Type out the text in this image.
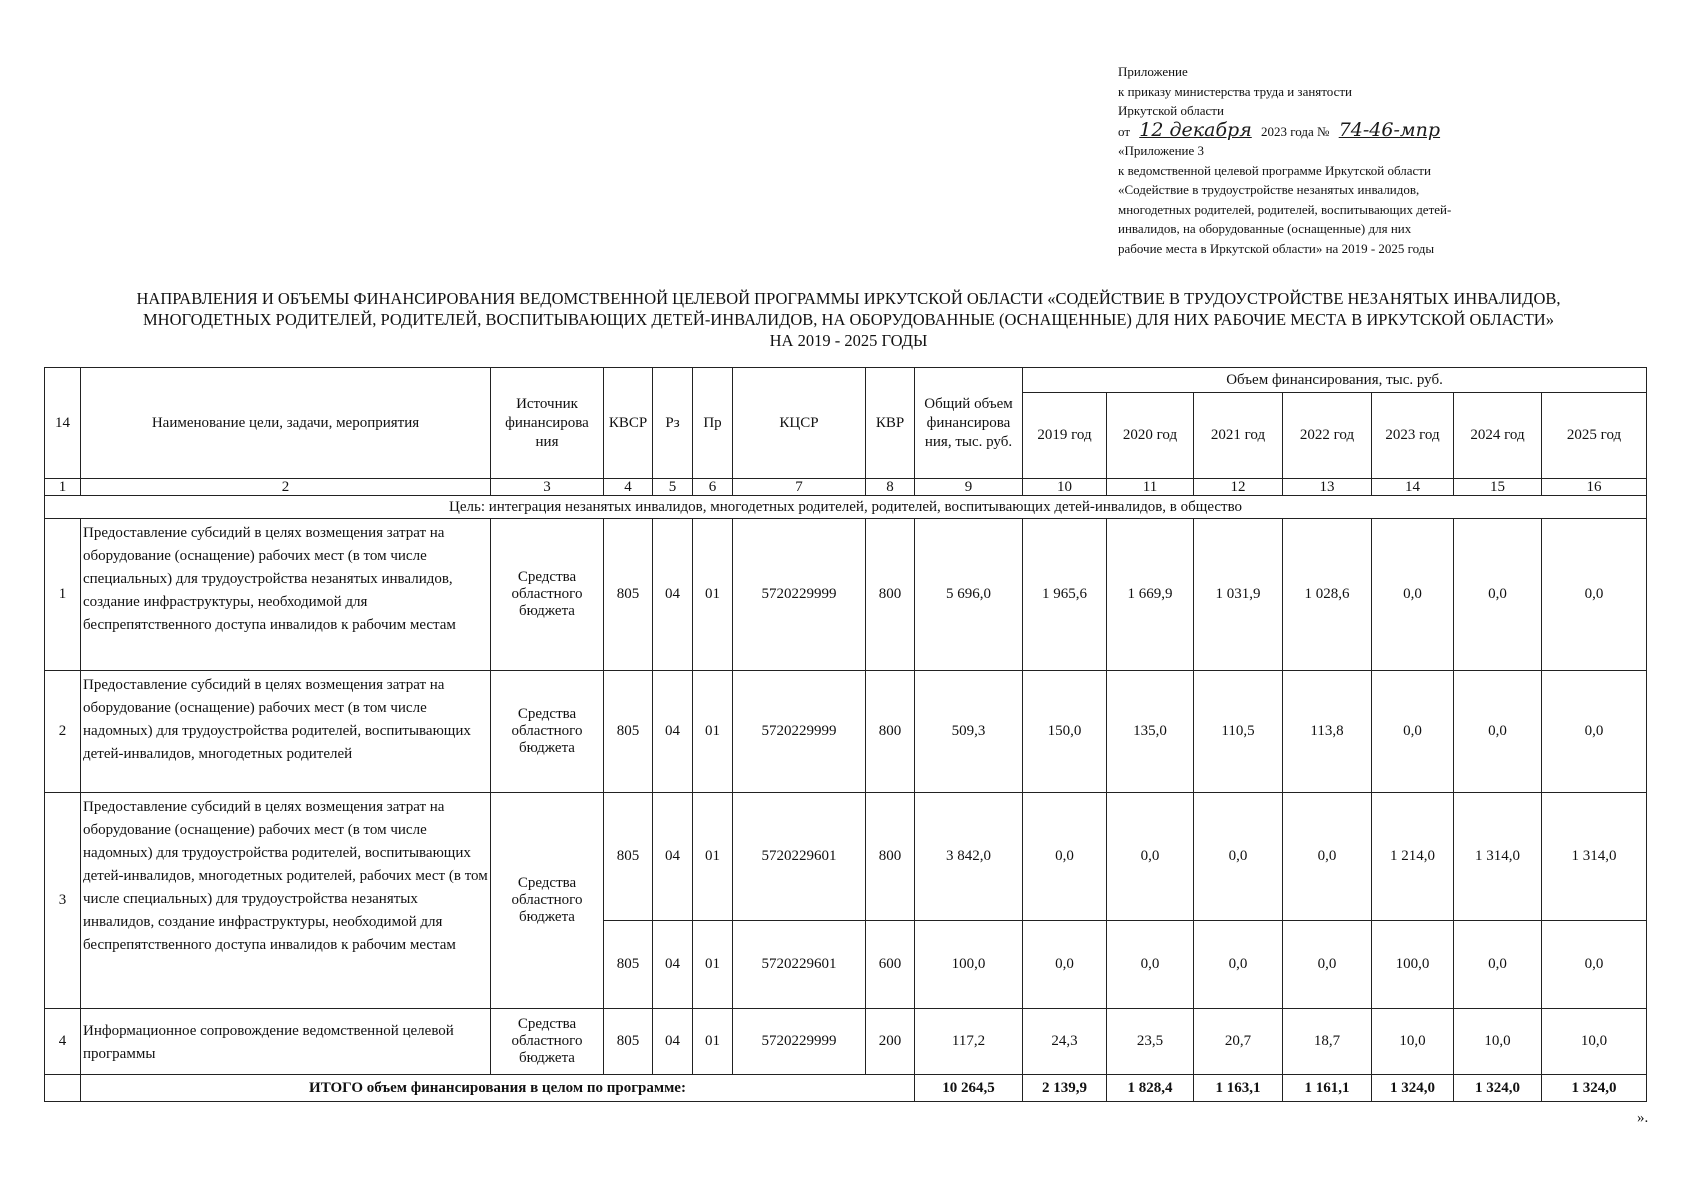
Приложение
к приказу министерства труда и занятости
Иркутской области
от 12 декабря 2023 года № 74-46-мпр
«Приложение 3
к ведомственной целевой программе Иркутской области
«Содействие в трудоустройстве незанятых инвалидов,
многодетных родителей, родителей, воспитывающих детей-
инвалидов, на оборудованные (оснащенные) для них
рабочие места в Иркутской области» на 2019 - 2025 годы
НАПРАВЛЕНИЯ И ОБЪЕМЫ ФИНАНСИРОВАНИЯ ВЕДОМСТВЕННОЙ ЦЕЛЕВОЙ ПРОГРАММЫ ИРКУТСКОЙ ОБЛАСТИ «СОДЕЙСТВИЕ В ТРУДОУСТРОЙСТВЕ НЕЗАНЯТЫХ ИНВАЛИДОВ,
МНОГОДЕТНЫХ РОДИТЕЛЕЙ, РОДИТЕЛЕЙ, ВОСПИТЫВАЮЩИХ ДЕТЕЙ-ИНВАЛИДОВ, НА ОБОРУДОВАННЫЕ (ОСНАЩЕННЫЕ) ДЛЯ НИХ РАБОЧИЕ МЕСТА В ИРКУТСКОЙ ОБЛАСТИ»
НА 2019 - 2025 ГОДЫ
14	Наименование цели, задачи, мероприятия	Источник финансирова ния	КВСР	Рз	Пр	КЦСР	КВР	Общий объем финансирова ния, тыс. руб.	Объем финансирования, тыс. руб.						
									2019 год	2020 год	2021 год	2022 год	2023 год	2024 год	2025 год
1	2	3	4	5	6	7	8	9	10	11	12	13	14	15	16
Цель: интеграция незанятых инвалидов, многодетных родителей, родителей, воспитывающих детей-инвалидов, в общество															
1	Предоставление субсидий в целях возмещения затрат на оборудование (оснащение) рабочих мест (в том числе специальных) для трудоустройства незанятых инвалидов, создание инфраструктуры, необходимой для беспрепятственного доступа инвалидов к рабочим местам	Средства областного бюджета	805	04	01	5720229999	800	5 696,0	1 965,6	1 669,9	1 031,9	1 028,6	0,0	0,0	0,0
2	Предоставление субсидий в целях возмещения затрат на оборудование (оснащение) рабочих мест (в том числе надомных) для трудоустройства родителей, воспитывающих детей-инвалидов, многодетных родителей	Средства областного бюджета	805	04	01	5720229999	800	509,3	150,0	135,0	110,5	113,8	0,0	0,0	0,0
3	Предоставление субсидий в целях возмещения затрат на оборудование (оснащение) рабочих мест (в том числе надомных) для трудоустройства родителей, воспитывающих детей-инвалидов, многодетных родителей, рабочих мест (в том числе специальных) для трудоустройства незанятых инвалидов, создание инфраструктуры, необходимой для беспрепятственного доступа инвалидов к рабочим местам	Средства областного бюджета	805	04	01	5720229601	800	3 842,0	0,0	0,0	0,0	0,0	1 214,0	1 314,0	1 314,0
			805	04	01	5720229601	600	100,0	0,0	0,0	0,0	0,0	100,0	0,0	0,0
4	Информационное сопровождение ведомственной целевой программы	Средства областного бюджета	805	04	01	5720229999	200	117,2	24,3	23,5	20,7	18,7	10,0	10,0	10,0
	ИТОГО объем финансирования в целом по программе:							10 264,5	2 139,9	1 828,4	1 163,1	1 161,1	1 324,0	1 324,0	1 324,0
».
